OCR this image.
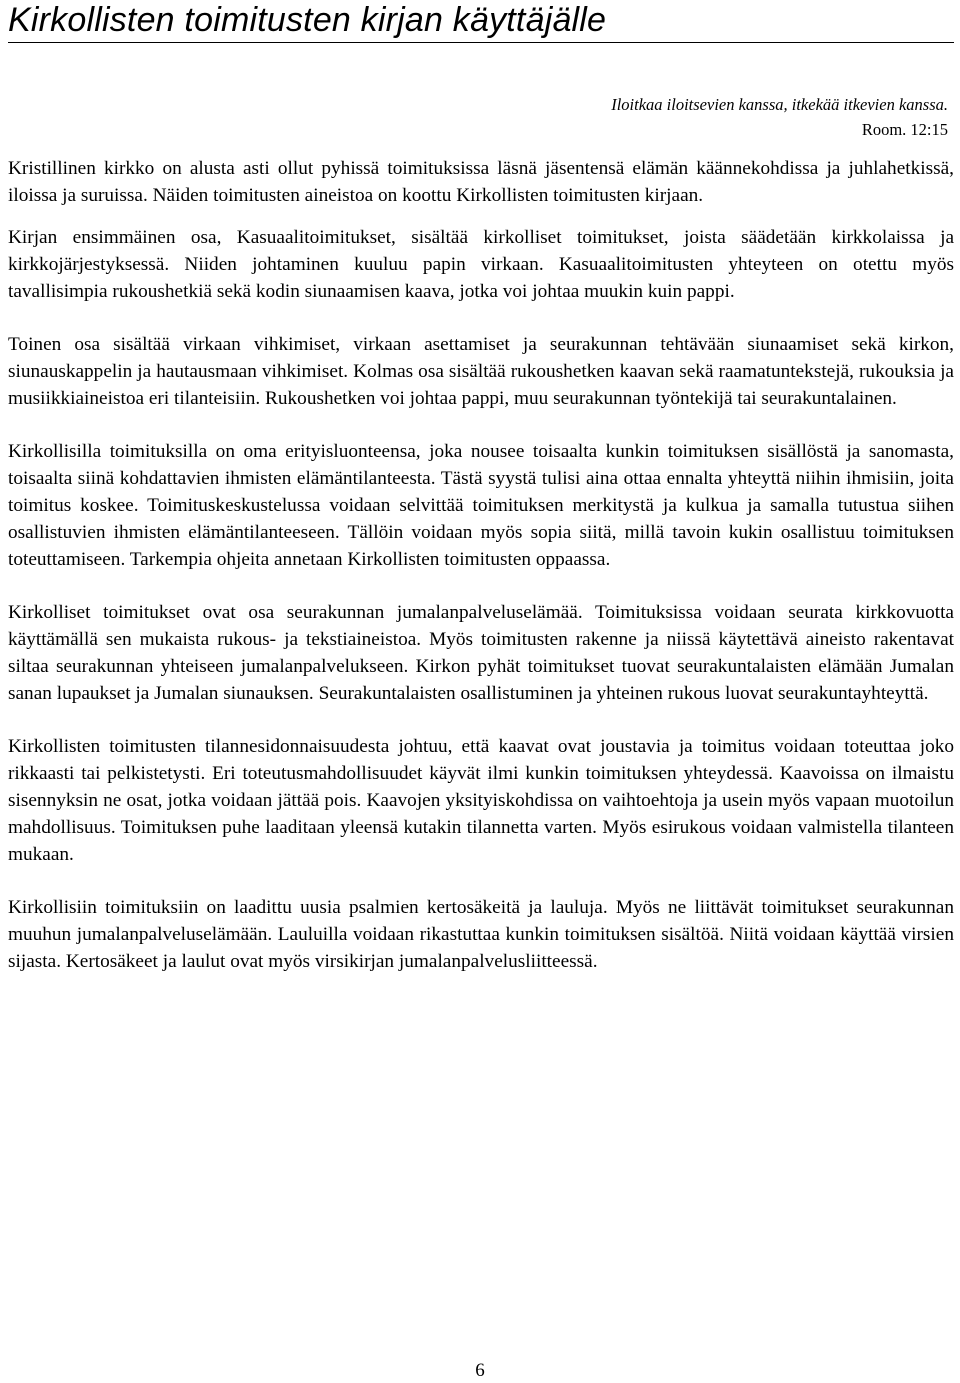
Kirkollisten toimitusten kirjan käyttäjälle
Iloitkaa iloitsevien kanssa, itkekää itkevien kanssa.
Room. 12:15

Kristillinen kirkko on alusta asti ollut pyhissä toimituksissa läsnä jäsentensä elämän käännekohdissa ja juhlahetkissä, iloissa ja suruissa. Näiden toimitusten aineistoa on koottu Kirkollisten toimitusten kirjaan.

Kirjan ensimmäinen osa, Kasuaalitoimitukset, sisältää kirkolliset toimitukset, joista säädetään kirkkolaissa ja kirkkojärjestyksessä. Niiden johtaminen kuuluu papin virkaan. Kasuaalitoimitusten yhteyteen on otettu myös tavallisimpia rukoushetkiä sekä kodin siunaamisen kaava, jotka voi johtaa muukin kuin pappi.

Toinen osa sisältää virkaan vihkimiset, virkaan asettamiset ja seurakunnan tehtävään siunaamiset sekä kirkon, siunauskappelin ja hautausmaan vihkimiset. Kolmas osa sisältää rukoushetken kaavan sekä raamatuntekstejä, rukouksia ja musiikkiaineistoa eri tilanteisiin. Rukoushetken voi johtaa pappi, muu seurakunnan työntekijä tai seurakuntalainen.

Kirkollisilla toimituksilla on oma erityisluonteensa, joka nousee toisaalta kunkin toimituksen sisällöstä ja sanomasta, toisaalta siinä kohdattavien ihmisten elämäntilanteesta. Tästä syystä tulisi aina ottaa ennalta yhteyttä niihin ihmisiin, joita toimitus koskee. Toimituskeskustelussa voidaan selvittää toimituksen merkitystä ja kulkua ja samalla tutustua siihen osallistuvien ihmisten elämäntilanteeseen. Tällöin voidaan myös sopia siitä, millä tavoin kukin osallistuu toimituksen toteuttamiseen. Tarkempia ohjeita annetaan Kirkollisten toimitusten oppaassa.

Kirkolliset toimitukset ovat osa seurakunnan jumalanpalveluselämää. Toimituksissa voidaan seurata kirkkovuotta käyttämällä sen mukaista rukous- ja tekstiaineistoa. Myös toimitusten rakenne ja niissä käytettävä aineisto rakentavat siltaa seurakunnan yhteiseen jumalanpalvelukseen. Kirkon pyhät toimitukset tuovat seurakuntalaisten elämään Jumalan sanan lupaukset ja Jumalan siunauksen. Seurakuntalaisten osallistuminen ja yhteinen rukous luovat seurakuntayhteyttä.

Kirkollisten toimitusten tilannesidonnaisuudesta johtuu, että kaavat ovat joustavia ja toimitus voidaan toteuttaa joko rikkaasti tai pelkistetysti. Eri toteutusmahdollisuudet käyvät ilmi kunkin toimituksen yhteydessä. Kaavoissa on ilmaistu sisennyksin ne osat, jotka voidaan jättää pois. Kaavojen yksityiskohdissa on vaihtoehtoja ja usein myös vapaan muotoilun mahdollisuus. Toimituksen puhe laaditaan yleensä kutakin tilannetta varten. Myös esirukous voidaan valmistella tilanteen mukaan.

Kirkollisiin toimituksiin on laadittu uusia psalmien kertosäkeitä ja lauluja. Myös ne liittävät toimitukset seurakunnan muuhun jumalanpalveluselämään. Lauluilla voidaan rikastuttaa kunkin toimituksen sisältöä. Niitä voidaan käyttää virsien sijasta. Kertosäkeet ja laulut ovat myös virsikirjan jumalanpalvelusliitteessä.

6
